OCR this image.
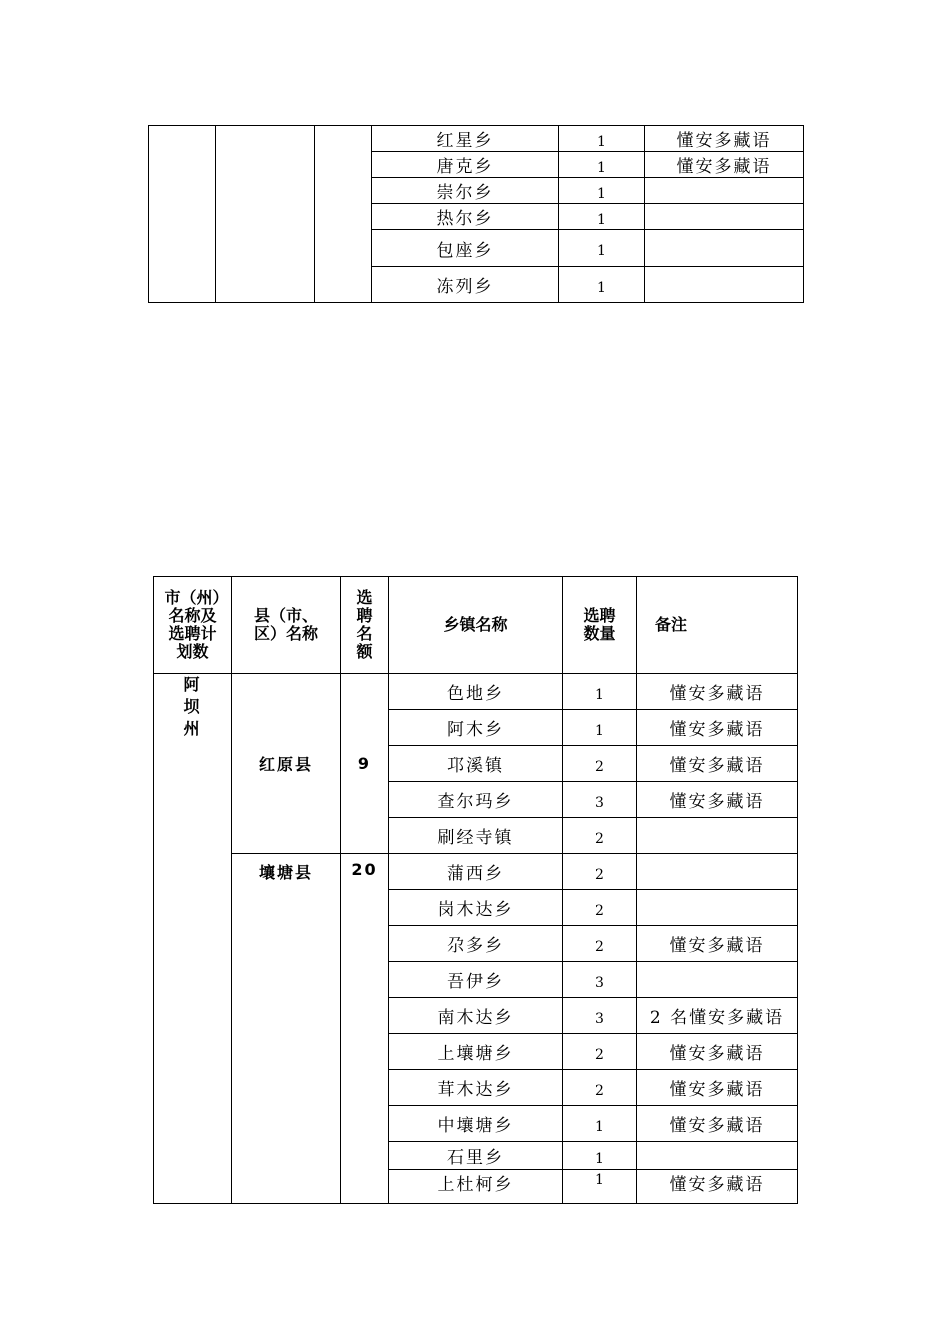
			红星乡	1	懂安多藏语
			唐克乡	1	懂安多藏语
			崇尔乡	1	
			热尔乡	1	
			包座乡	1	
			冻列乡	1	
市（州）名称及选聘计划数	县（市、区）名称	选聘名额	乡镇名称	选聘数量	备注
阿坝州	红原县	9	色地乡	1	懂安多藏语
			阿木乡	1	懂安多藏语
			邛溪镇	2	懂安多藏语
			查尔玛乡	3	懂安多藏语
			刷经寺镇	2	
	壤塘县	20	蒲西乡	2	
			岗木达乡	2	
			尕多乡	2	懂安多藏语
			吾伊乡	3	
			南木达乡	3	2 名懂安多藏语
			上壤塘乡	2	懂安多藏语
			茸木达乡	2	懂安多藏语
			中壤塘乡	1	懂安多藏语
			石里乡	1	
			上杜柯乡	1	懂安多藏语
